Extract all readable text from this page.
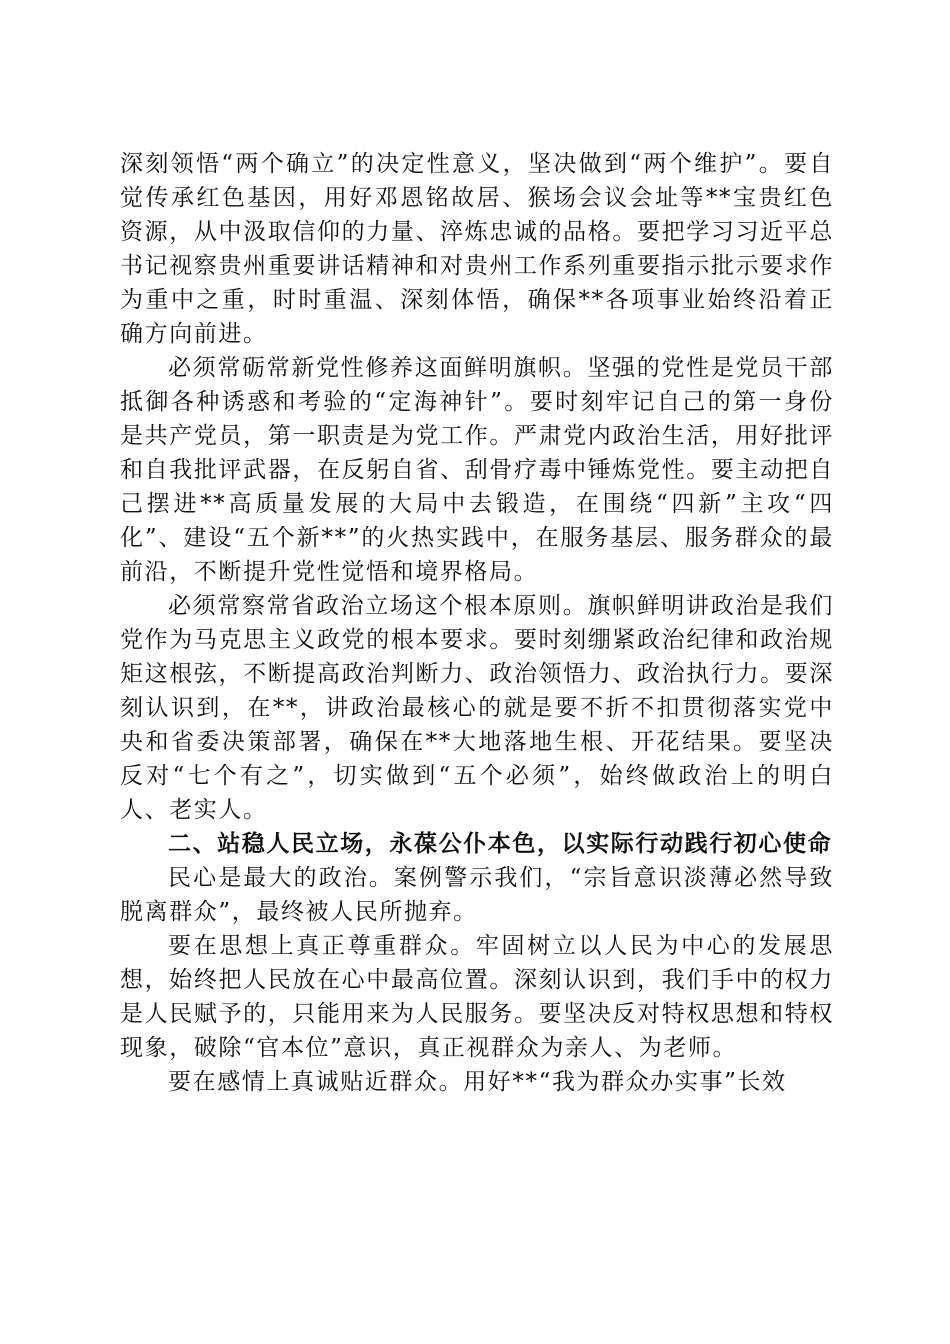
深刻领悟“两个确立”的决定性意义，坚决做到“两个维护”。要自觉传承红色基因，用好邓恩铭故居、猴场会议会址等**宝贵红色资源，从中汲取信仰的力量、淬炼忠诚的品格。要把学习习近平总书记视察贵州重要讲话精神和对贵州工作系列重要指示批示要求作为重中之重，时时重温、深刻体悟，确保**各项事业始终沿着正确方向前进。

必须常砺常新党性修养这面鲜明旗帜。坚强的党性是党员干部抵御各种诱惑和考验的“定海神针”。要时刻牢记自己的第一身份是共产党员，第一职责是为党工作。严肃党内政治生活，用好批评和自我批评武器，在反躬自省、刮骨疗毒中锤炼党性。要主动把自己摆进**高质量发展的大局中去锻造，在围绕“四新”主攻“四化”、建设“五个新**”的火热实践中，在服务基层、服务群众的最前沿，不断提升党性觉悟和境界格局。

必须常察常省政治立场这个根本原则。旗帜鲜明讲政治是我们党作为马克思主义政党的根本要求。要时刻绷紧政治纪律和政治规矩这根弦，不断提高政治判断力、政治领悟力、政治执行力。要深刻认识到，在**，讲政治最核心的就是要不折不扣贯彻落实党中央和省委决策部署，确保在**大地落地生根、开花结果。要坚决反对“七个有之”，切实做到“五个必须”，始终做政治上的明白人、老实人。

二、站稳人民立场，永葆公仆本色，以实际行动践行初心使命

民心是最大的政治。案例警示我们，“宗旨意识淡薄必然导致脱离群众”，最终被人民所抛弃。

要在思想上真正尊重群众。牢固树立以人民为中心的发展思想，始终把人民放在心中最高位置。深刻认识到，我们手中的权力是人民赋予的，只能用来为人民服务。要坚决反对特权思想和特权现象，破除“官本位”意识，真正视群众为亲人、为老师。

要在感情上真诚贴近群众。用好**“我为群众办实事”长效
